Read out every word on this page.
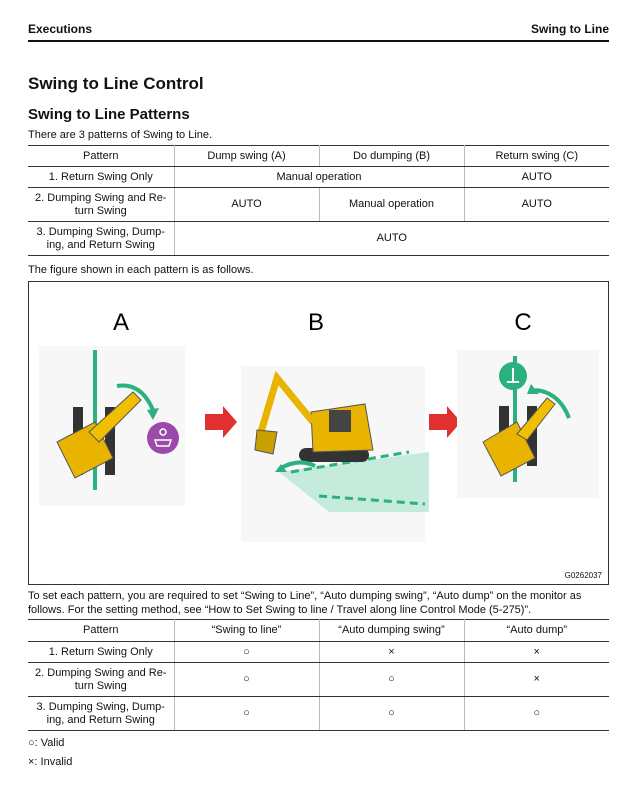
Executions	Swing to Line
Swing to Line Control
Swing to Line Patterns
There are 3 patterns of Swing to Line.
Pattern	Dump swing (A)	Do dumping (B)	Return swing (C)
1. Return Swing Only	Manual operation		AUTO
2. Dumping Swing and Re-turn Swing	AUTO	Manual operation	AUTO
3. Dumping Swing, Dump-ing, and Return Swing	AUTO		
The figure shown in each pattern is as follows.
A	B	C
G0262037
To set each pattern, you are required to set “Swing to Line”, “Auto dumping swing”, “Auto dump” on the monitor as follows. For the setting method, see “How to Set Swing to line / Travel along line Control Mode (5-275)”.
Pattern	“Swing to line”	“Auto dumping swing”	“Auto dump”
1. Return Swing Only	○	×	×
2. Dumping Swing and Re-turn Swing	○	○	×
3. Dumping Swing, Dump-ing, and Return Swing	○	○	○
○: Valid
×: Invalid
